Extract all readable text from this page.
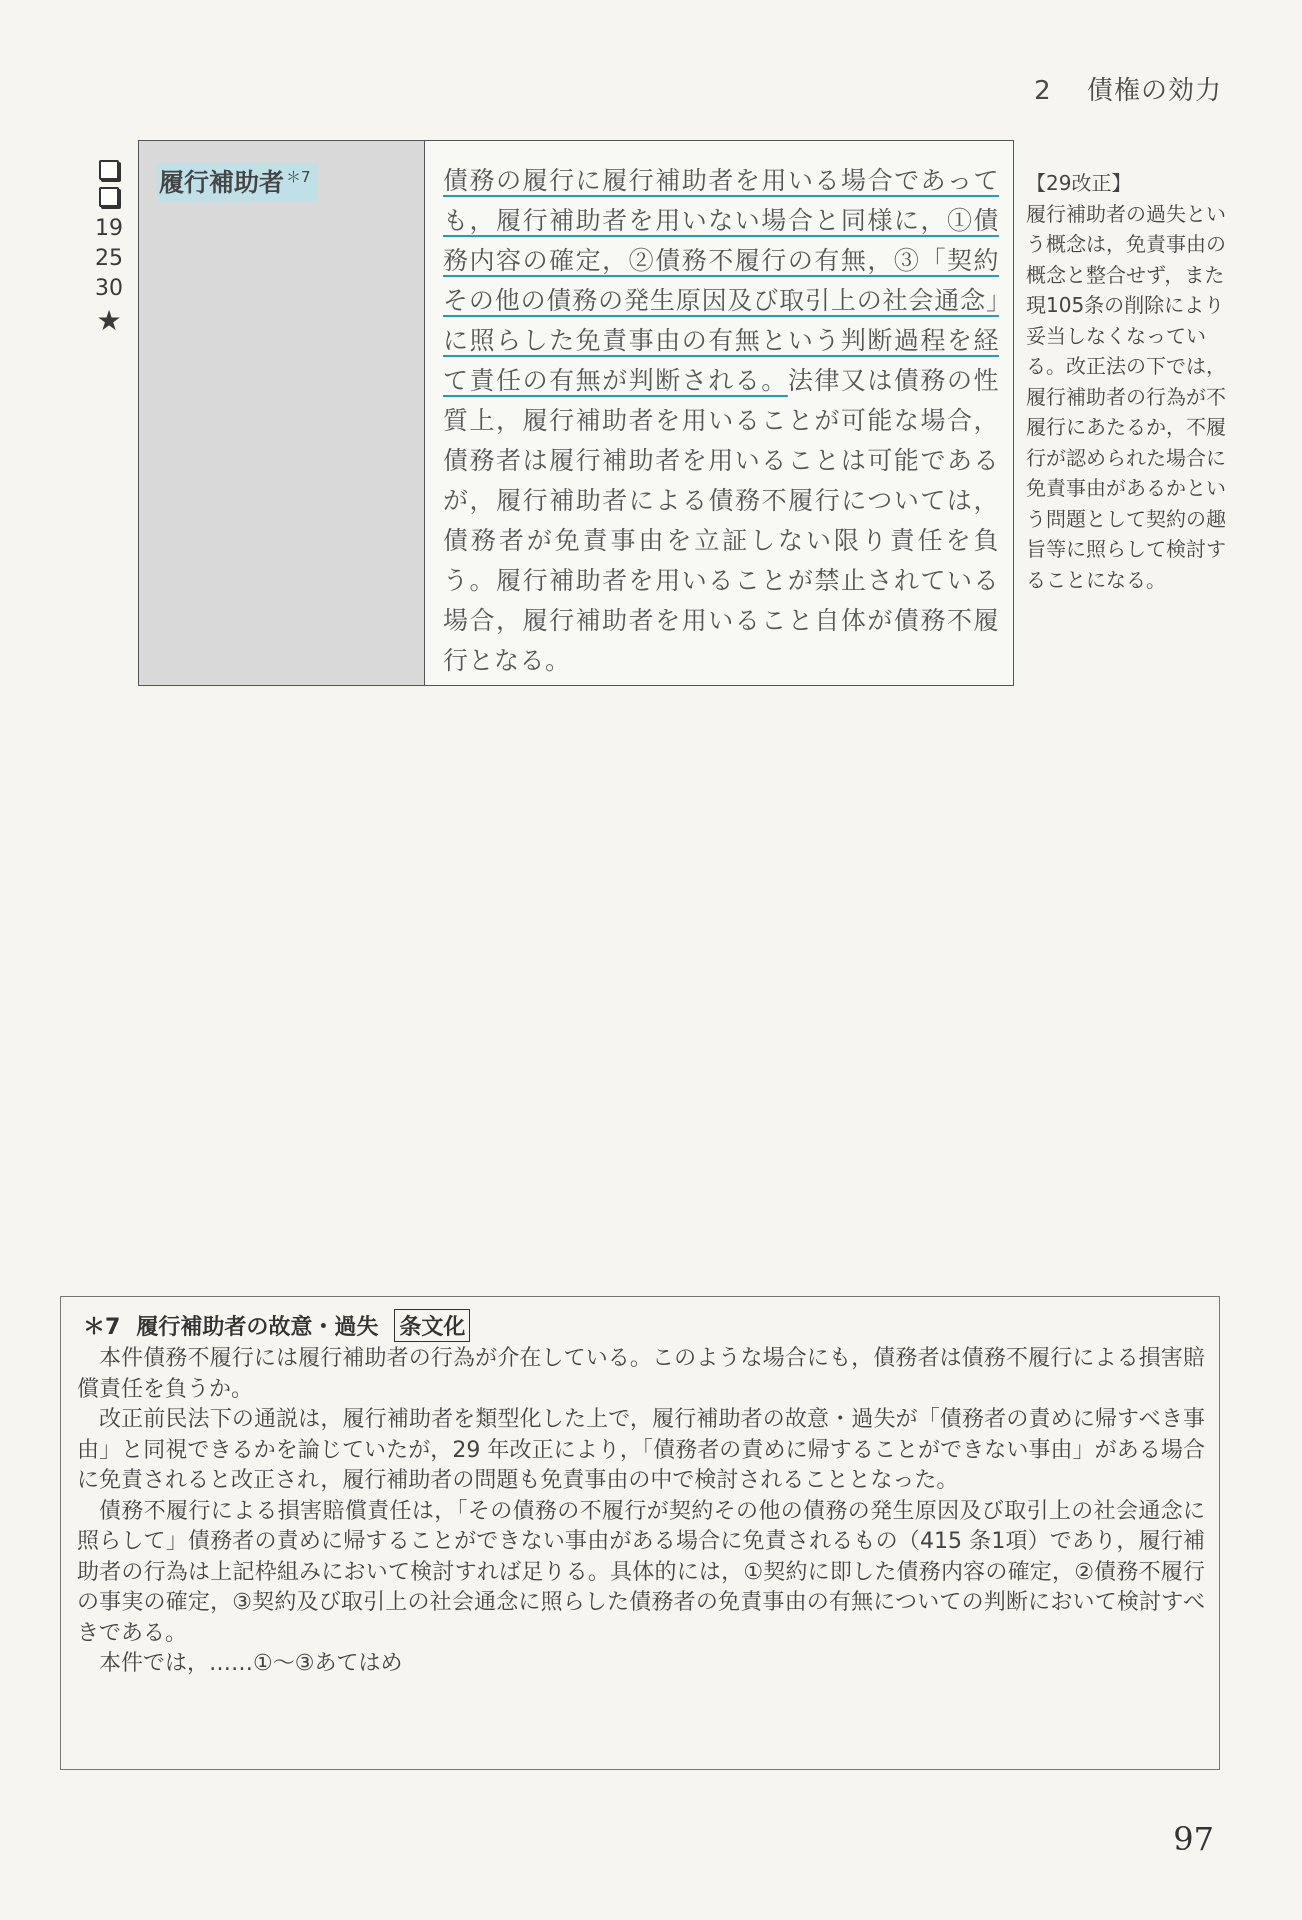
2 債権の効力
19
25
30
★
履行補助者 $^{*7}$	債務の履行に履行補助者を用いる場合であっても，履行補助者を用いない場合と同様に，①債務内容の確定，②債務不履行の有無，③「契約その他の債務の発生原因及び取引上の社会通念」に照らした免責事由の有無という判断過程を経て責任の有無が判断される。法律又は債務の性質上，履行補助者を用いることが可能な場合，債務者は履行補助者を用いることは可能であるが，履行補助者による債務不履行については，債務者が免責事由を立証しない限り責任を負う。履行補助者を用いることが禁止されている場合，履行補助者を用いること自体が債務不履行となる。

【29改正】
履行補助者の過失という概念は，免責事由の概念と整合せず，また現105条の削除により妥当しなくなっている。改正法の下では，履行補助者の行為が不履行にあたるか，不履行が認められた場合に免責事由があるかという問題として契約の趣旨等に照らして検討することになる。
＊7 履行補助者の故意・過失 条文化

本件債務不履行には履行補助者の行為が介在している。このような場合にも，債務者は債務不履行による損害賠償責任を負うか。

改正前民法下の通説は，履行補助者を類型化した上で，履行補助者の故意・過失が「債務者の責めに帰すべき事由」と同視できるかを論じていたが，29 年改正により，「債務者の責めに帰することができない事由」がある場合に免責されると改正され，履行補助者の問題も免責事由の中で検討されることとなった。

債務不履行による損害賠償責任は，「その債務の不履行が契約その他の債務の発生原因及び取引上の社会通念に照らして」債務者の責めに帰することができない事由がある場合に免責されるもの（415 条1項）であり，履行補助者の行為は上記枠組みにおいて検討すれば足りる。具体的には，①契約に即した債務内容の確定，②債務不履行の事実の確定，③契約及び取引上の社会通念に照らした債務者の免責事由の有無についての判断において検討すべきである。

本件では，……①〜③あてはめ

97
